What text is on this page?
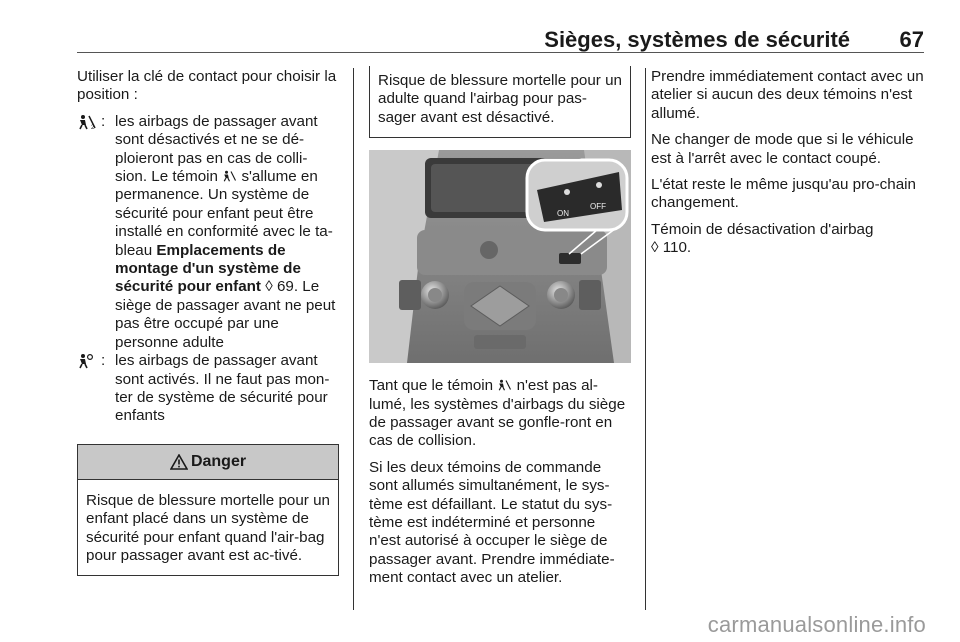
Sièges, systèmes de sécurité 67

Utiliser la clé de contact pour choisir la position :

2 : les airbags de passager avant sont désactivés et ne se dé-ploieront pas en cas de colli-sion. Le témoin  s'allume en permanence. Un système de sécurité pour enfant peut être installé en conformité avec le ta-bleau Emplacements de montage d'un système de sécurité pour enfant ◊ 69. Le siège de passager avant ne peut pas être occupé par une personne adulte
: les airbags de passager avant sont activés. Il ne faut pas mon-ter de système de sécurité pour enfants
Danger
Risque de blessure mortelle pour un enfant placé dans un système de sécurité pour enfant quand l'air-bag pour passager avant est ac-tivé.
Risque de blessure mortelle pour un adulte quand l'airbag pour pas-sager avant est désactivé.
ON
OFF

Tant que le témoin  n'est pas al-lumé, les systèmes d'airbags du siège de passager avant se gonfle-ront en cas de collision.

Si les deux témoins de commande sont allumés simultanément, le sys-tème est défaillant. Le statut du sys-tème est indéterminé et personne n'est autorisé à occuper le siège de passager avant. Prendre immédiate-ment contact avec un atelier.

Prendre immédiatement contact avec un atelier si aucun des deux témoins n'est allumé.

Ne changer de mode que si le véhicule est à l'arrêt avec le contact coupé.

L'état reste le même jusqu'au pro-chain changement.

Témoin de désactivation d'airbag

◊ 110.

carmanualsonline.info
